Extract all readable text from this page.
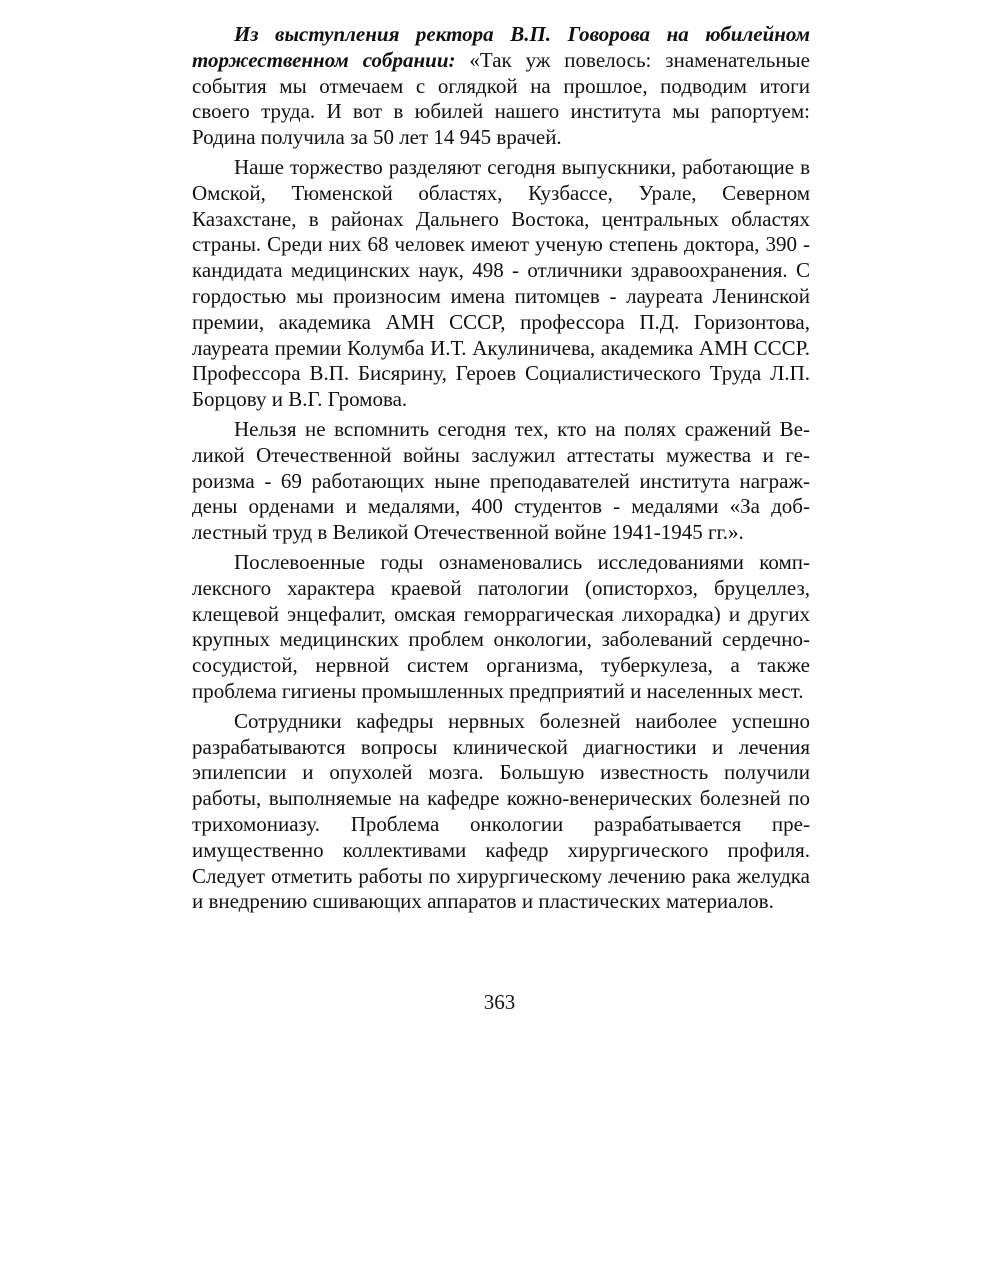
Из выступления ректора В.П. Говорова на юбилейном торжественном собрании: «Так уж повелось: знаменательные события мы отмечаем с оглядкой на прошлое, подводим итоги своего труда. И вот в юбилей нашего института мы рапортуем: Родина получила за 50 лет 14 945 врачей.

Наше торжество разделяют сегодня выпускники, работающие в Омской, Тюменской областях, Кузбассе, Урале, Северном Казахстане, в районах Дальнего Востока, центральных областях страны. Среди них 68 человек имеют ученую степень доктора, 390 - кандидата медицинских наук, 498 - отличники здравоохранения. С гордостью мы произносим имена питомцев - лауреата Ленинской премии, академика АМН СССР, профессора П.Д. Горизонтова, лауреата премии Колумба И.Т. Акулиничева, академика АМН СССР. Профессора В.П. Бисярину, Героев Социалистического Труда Л.П. Борцову и В.Г. Громова.

Нельзя не вспомнить сегодня тех, кто на полях сражений Великой Отечественной войны заслужил аттестаты мужества и героизма - 69 работающих ныне преподавателей института награждены орденами и медалями, 400 студентов - медалями «За доблестный труд в Великой Отечественной войне 1941-1945 гг.».

Послевоенные годы ознаменовались исследованиями комплексного характера краевой патологии (описторхоз, бруцеллез, клещевой энцефалит, омская геморрагическая лихорадка) и других крупных медицинских проблем онкологии, заболеваний сердечно-сосудистой, нервной систем организма, туберкулеза, а также проблема гигиены промышленных предприятий и населенных мест.

Сотрудники кафедры нервных болезней наиболее успешно разрабатываются вопросы клинической диагностики и лечения эпилепсии и опухолей мозга. Большую известность получили работы, выполняемые на кафедре кожно-венерических болезней по трихомониазу. Проблема онкологии разрабатывается преимущественно коллективами кафедр хирургического профиля. Следует отметить работы по хирургическому лечению рака желудка и внедрению сшивающих аппаратов и пластических материалов.

363
